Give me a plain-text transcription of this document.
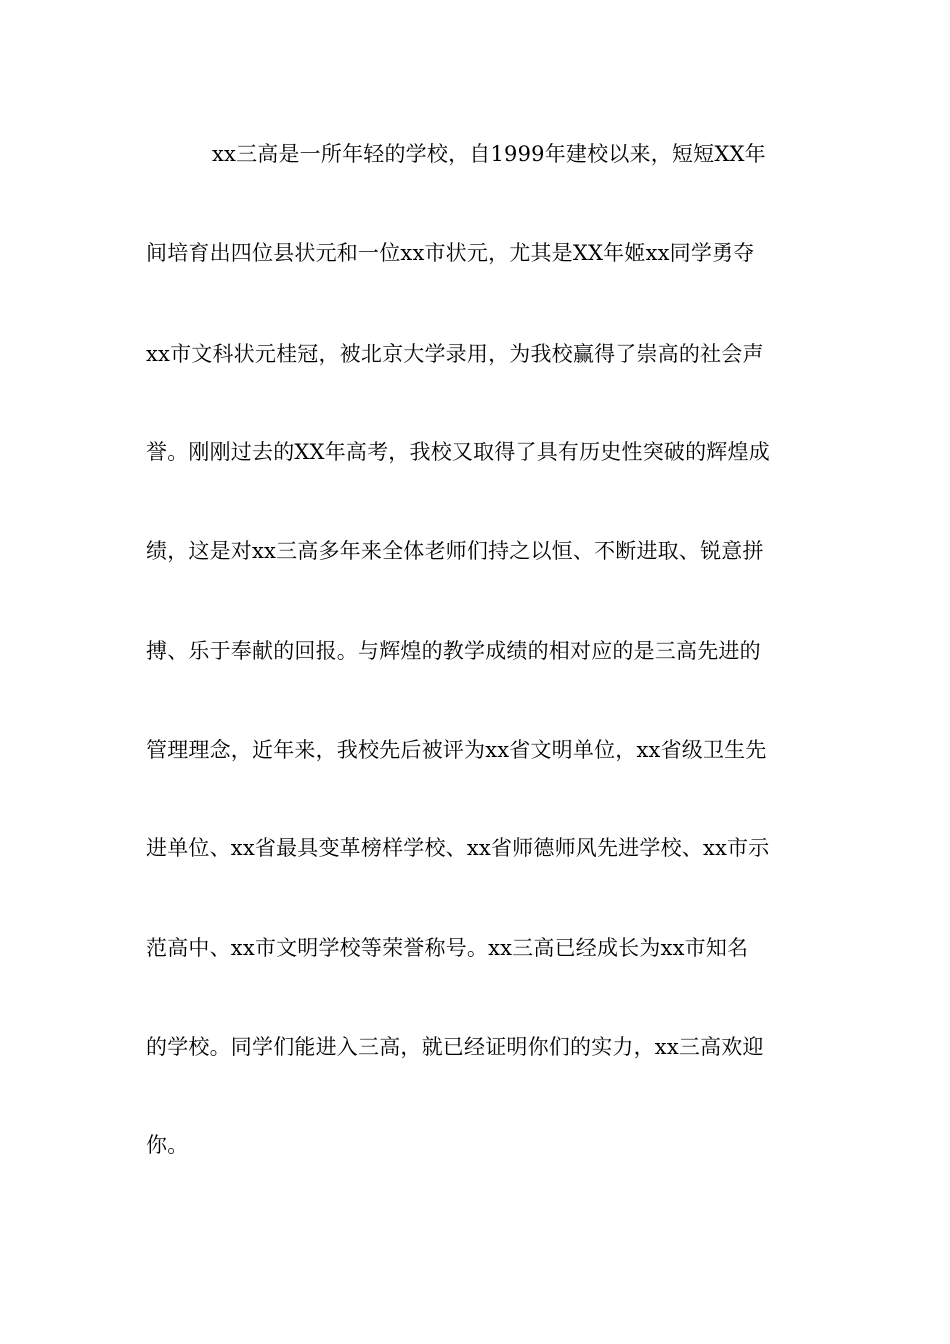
xx三高是一所年轻的学校，自1999年建校以来，短短XX年
间培育出四位县状元和一位xx市状元，尤其是XX年姬xx同学勇夺
xx市文科状元桂冠，被北京大学录用，为我校赢得了崇高的社会声
誉。刚刚过去的XX年高考，我校又取得了具有历史性突破的辉煌成
绩，这是对xx三高多年来全体老师们持之以恒、不断进取、锐意拼
搏、乐于奉献的回报。与辉煌的教学成绩的相对应的是三高先进的
管理理念，近年来，我校先后被评为xx省文明单位，xx省级卫生先
进单位、xx省最具变革榜样学校、xx省师德师风先进学校、xx市示
范高中、xx市文明学校等荣誉称号。xx三高已经成长为xx市知名
的学校。同学们能进入三高，就已经证明你们的实力，xx三高欢迎
你。
